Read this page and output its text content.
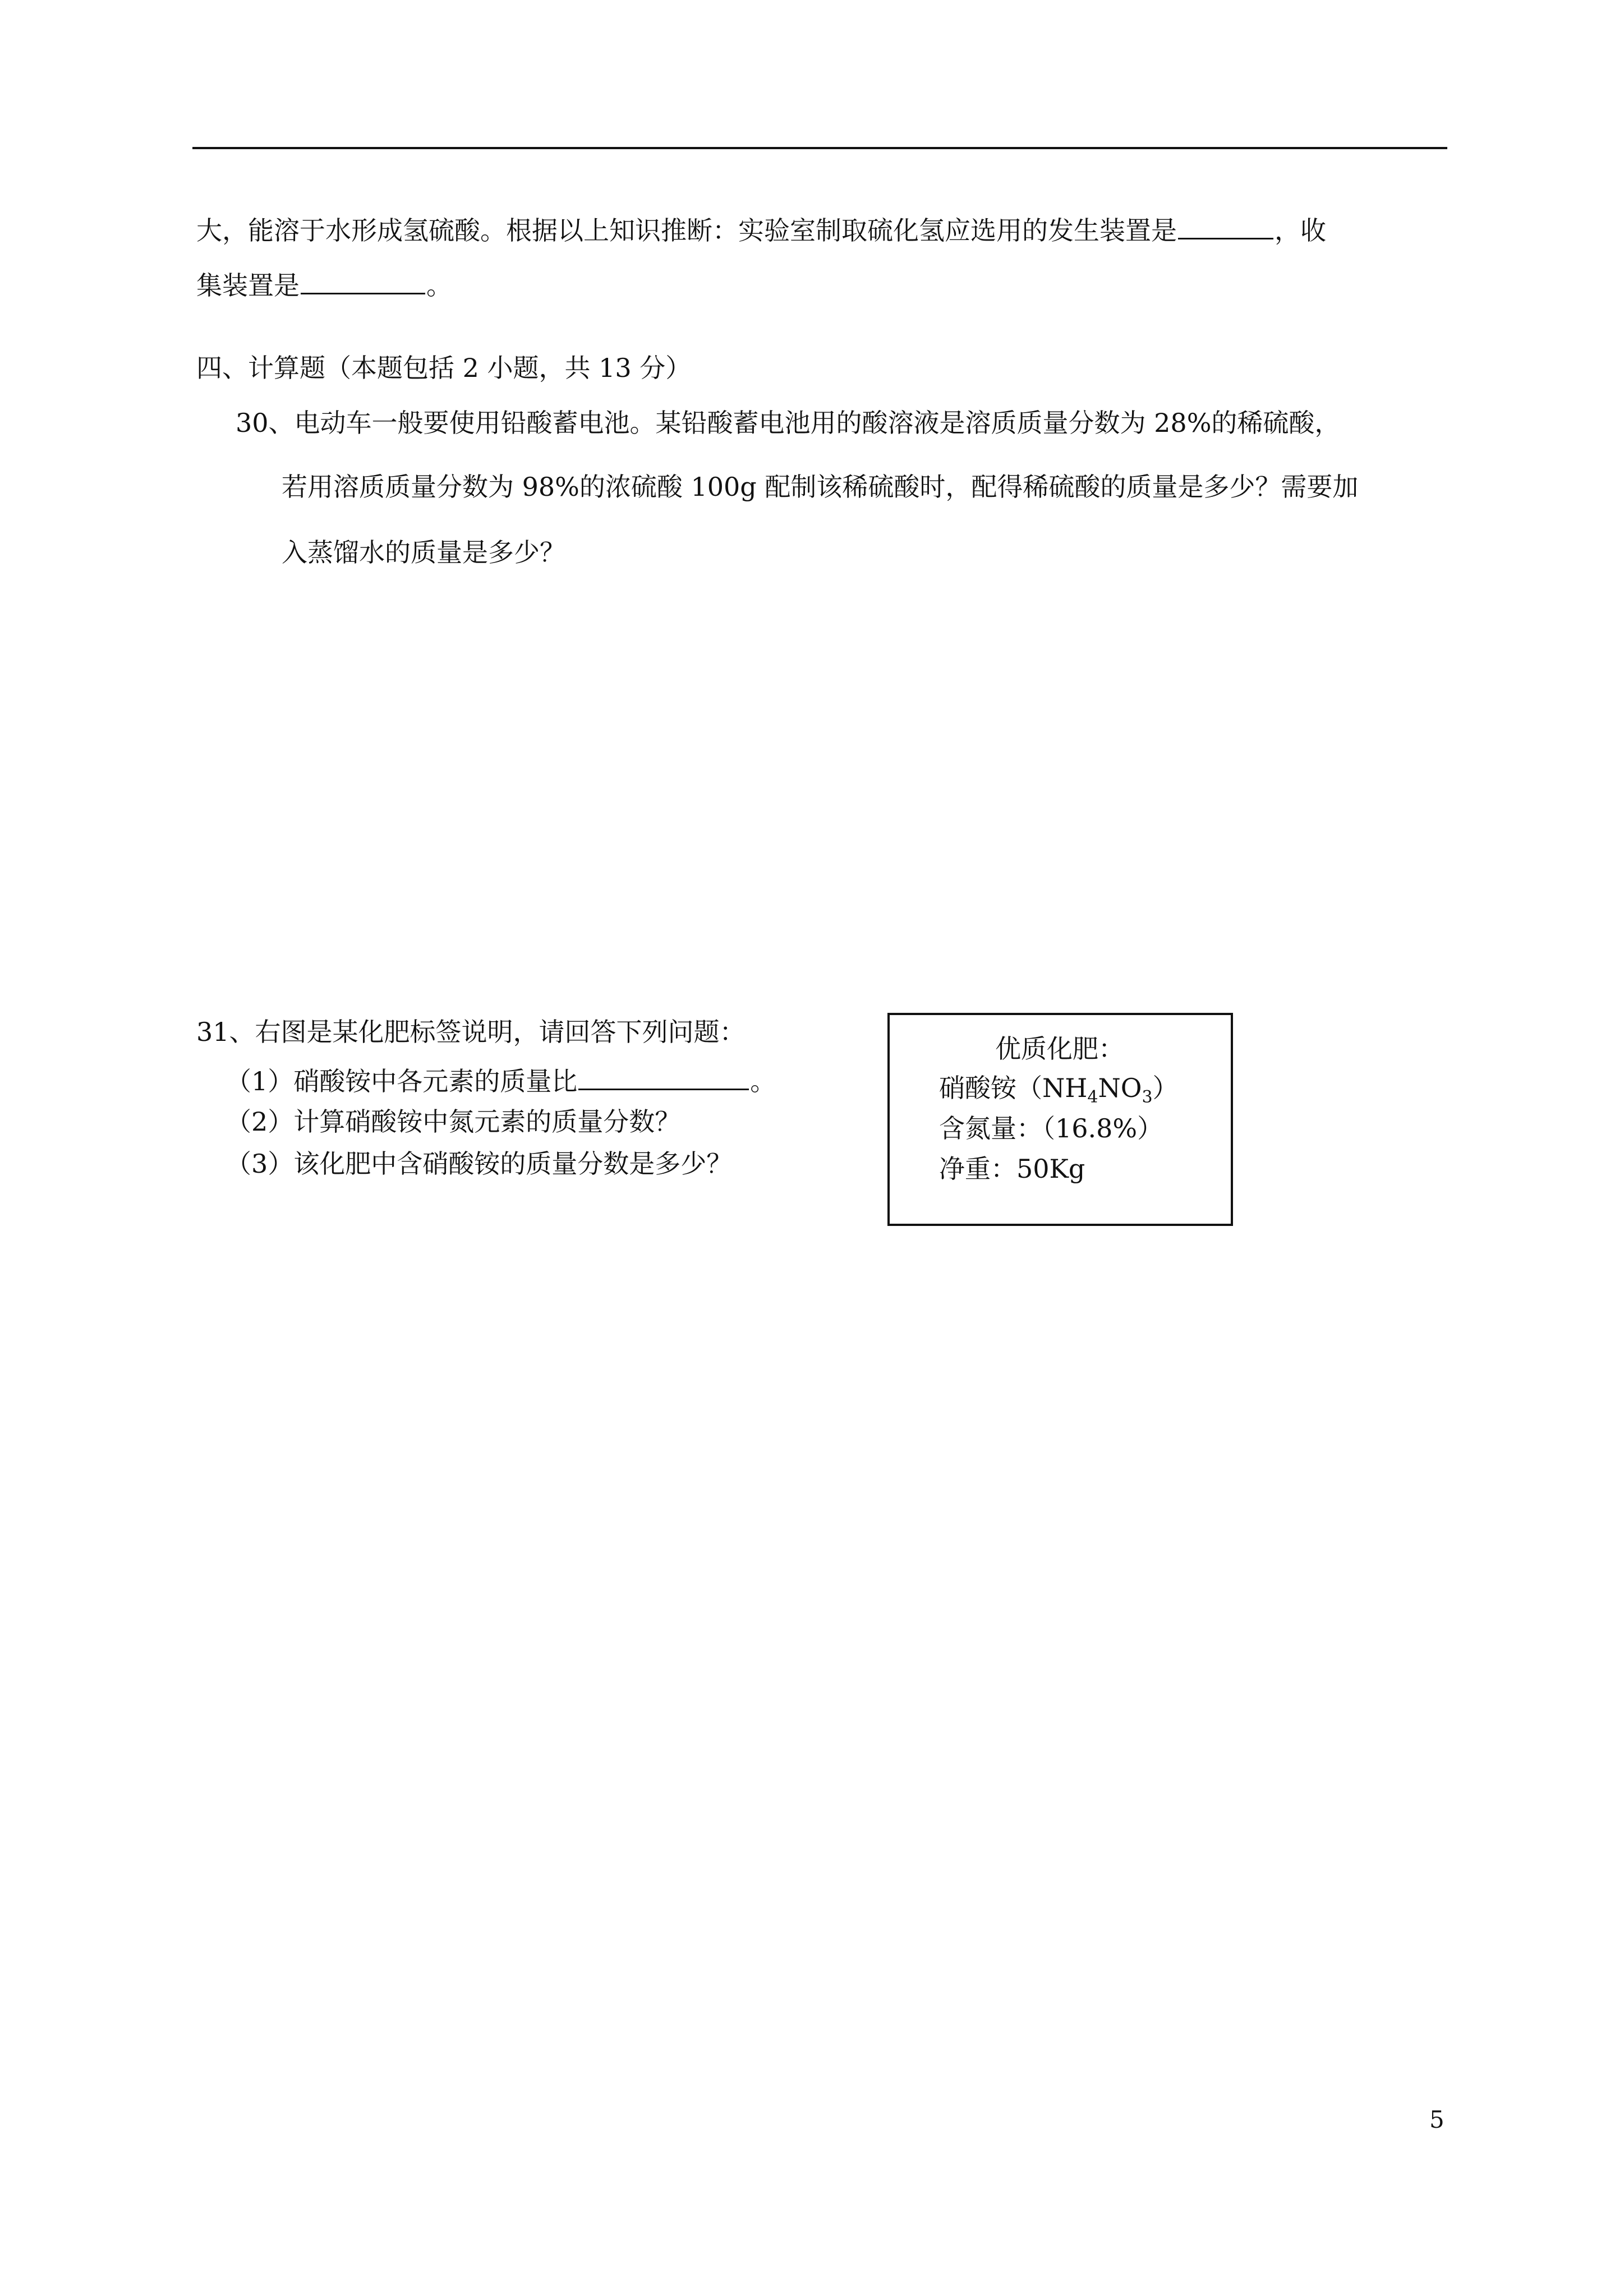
大，能溶于水形成氢硫酸。根据以上知识推断：实验室制取硫化氢应选用的发生装置是	，收
集装置是	。
四、计算题（本题包括 2 小题，共 13 分）
30、电动车一般要使用铅酸蓄电池。某铅酸蓄电池用的酸溶液是溶质质量分数为 28%的稀硫酸，
若用溶质质量分数为 98%的浓硫酸 100g 配制该稀硫酸时，配得稀硫酸的质量是多少？需要加
入蒸馏水的质量是多少？
31、右图是某化肥标签说明，请回答下列问题：
（1）硝酸铵中各元素的质量比	。
（2）计算硝酸铵中氮元素的质量分数？
（3）该化肥中含硝酸铵的质量分数是多少？
优质化肥：
硝酸铵$(NH_4NO_3)$
含氮量：（16.8%）
净重：50Kg
5
